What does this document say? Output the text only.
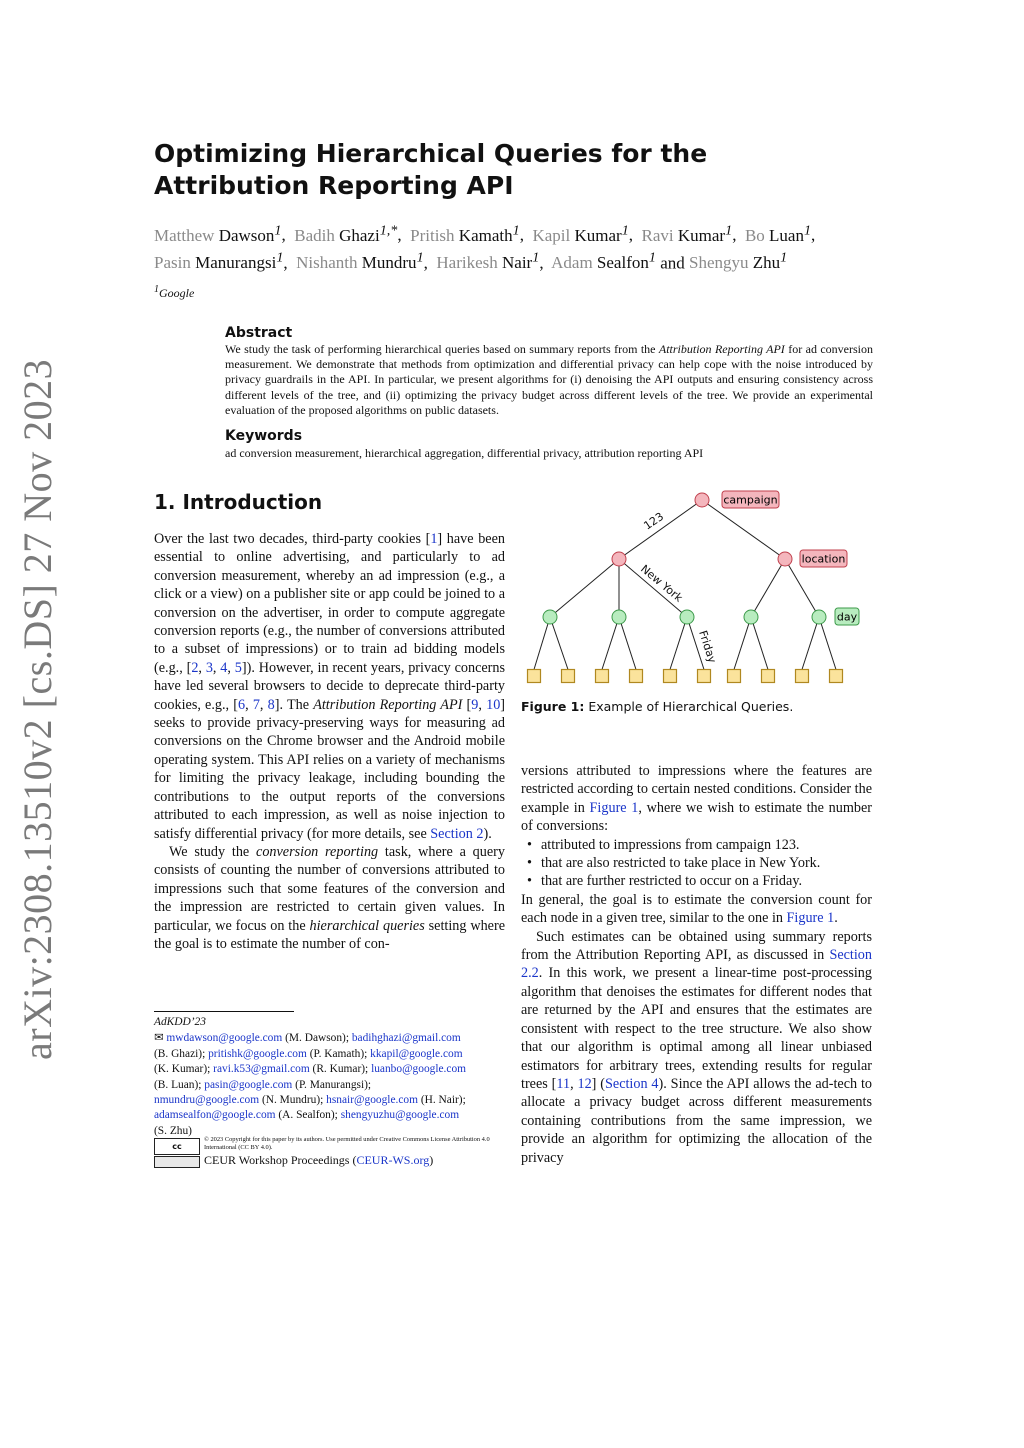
arXiv:2308.13510v2 [cs.DS] 27 Nov 2023
Optimizing Hierarchical Queries for the
Attribution Reporting API
Matthew Dawson$^1$,  Badih Ghazi$^{1,*}$,  Pritish Kamath$^1$,  Kapil Kumar$^1$,  Ravi Kumar$^1$,  Bo Luan$^1$,
Pasin Manurangsi$^1$,  Nishanth Mundru$^1$,  Harikesh Nair$^1$,  Adam Sealfon$^1$ and Shengyu Zhu$^1$
$^1$Google
Abstract
We study the task of performing hierarchical queries based on summary reports from the Attribution Reporting API for ad conversion measurement. We demonstrate that methods from optimization and differential privacy can help cope with the noise introduced by privacy guardrails in the API. In particular, we present algorithms for (i) denoising the API outputs and ensuring consistency across different levels of the tree, and (ii) optimizing the privacy budget across different levels of the tree. We provide an experimental evaluation of the proposed algorithms on public datasets.
Keywords
ad conversion measurement, hierarchical aggregation, differential privacy, attribution reporting API
1. Introduction

Over the last two decades, third-party cookies [1] have been essential to online advertising, and particularly to ad conversion measurement, whereby an ad impression (e.g., a click or a view) on a publisher site or app could be joined to a conversion on the advertiser, in order to compute aggregate conversion reports (e.g., the number of conversions attributed to a subset of impressions) or to train ad bidding models (e.g., [2, 3, 4, 5]). However, in recent years, privacy concerns have led several browsers to decide to deprecate third-party cookies, e.g., [6, 7, 8]. The Attribution Reporting API [9, 10] seeks to provide privacy-preserving ways for measuring ad conversions on the Chrome browser and the Android mobile operating system. This API relies on a variety of mechanisms for limiting the privacy leakage, including bounding the contributions to the output reports of the conversions attributed to each impression, as well as noise injection to satisfy differential privacy (for more details, see Section 2).

We study the conversion reporting task, where a query consists of counting the number of conversions attributed to impressions such that some features of the conversion and the impression are restricted to certain given values. In particular, we focus on the hierarchical queries setting where the goal is to estimate the number of con-

versions attributed to impressions where the features are restricted according to certain nested conditions. Consider the example in Figure 1, where we wish to estimate the number of conversions:

• attributed to impressions from campaign 123.
• that are also restricted to take place in New York.
• that are further restricted to occur on a Friday.

In general, the goal is to estimate the conversion count for each node in a given tree, similar to the one in Figure 1.

Such estimates can be obtained using summary reports from the Attribution Reporting API, as discussed in Section 2.2. In this work, we present a linear-time post-processing algorithm that denoises the estimates for different nodes that are returned by the API and ensures that the estimates are consistent with respect to the tree structure. We also show that our algorithm is optimal among all linear unbiased estimators for arbitrary trees, extending results for regular trees [11, 12] (Section 4). Since the API allows the ad-tech to allocate a privacy budget across different measurements containing contributions from the same impression, we provide an algorithm for optimizing the allocation of the privacy

campaign
location
day
123
New York
Friday
Figure 1: Example of Hierarchical Queries.
AdKDD’23
✉ mwdawson@google.com (M. Dawson); badihghazi@gmail.com
(B. Ghazi); pritishk@google.com (P. Kamath); kkapil@google.com
(K. Kumar); ravi.k53@gmail.com (R. Kumar); luanbo@google.com
(B. Luan); pasin@google.com (P. Manurangsi);
nmundru@google.com (N. Mundru); hsnair@google.com (H. Nair);
adamsealfon@google.com (A. Sealfon); shengyuzhu@google.com
(S. Zhu)
cc
© 2023 Copyright for this paper by its authors. Use permitted under Creative Commons License Attribution 4.0 International (CC BY 4.0).
CEUR Workshop Proceedings (CEUR-WS.org)
